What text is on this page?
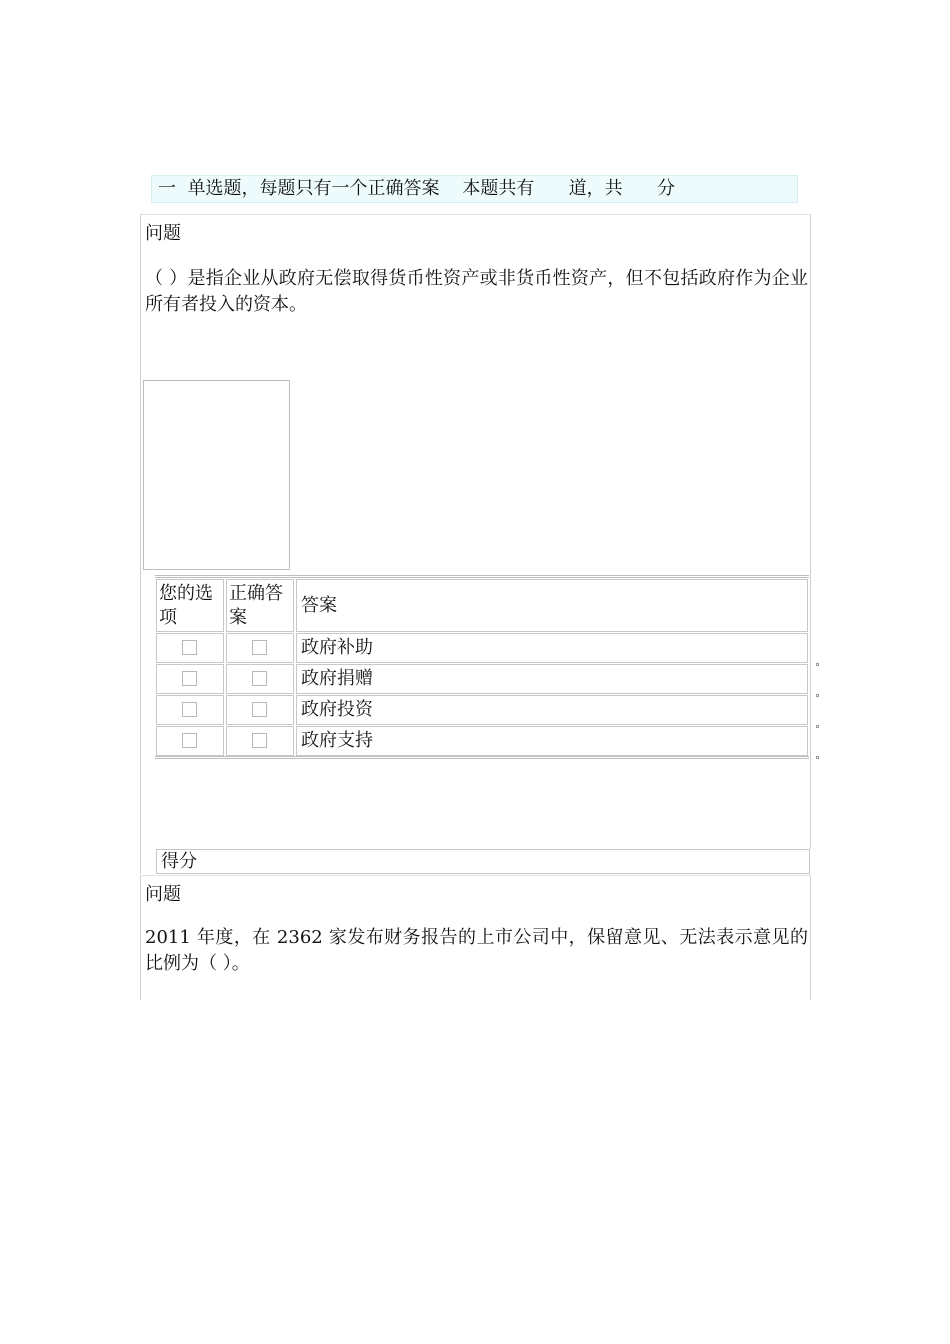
一  单选题，每题只有一个正确答案    本题共有      道，共      分
问题
（ ）是指企业从政府无偿取得货币性资产或非货币性资产，但不包括政府作为企业所有者投入的资本。
您的选项
正确答案
答案
政府补助
政府捐赠
政府投资
政府支持
得分
问题
2011 年度，在 2362 家发布财务报告的上市公司中，保留意见、无法表示意见的比例为（ ）。
